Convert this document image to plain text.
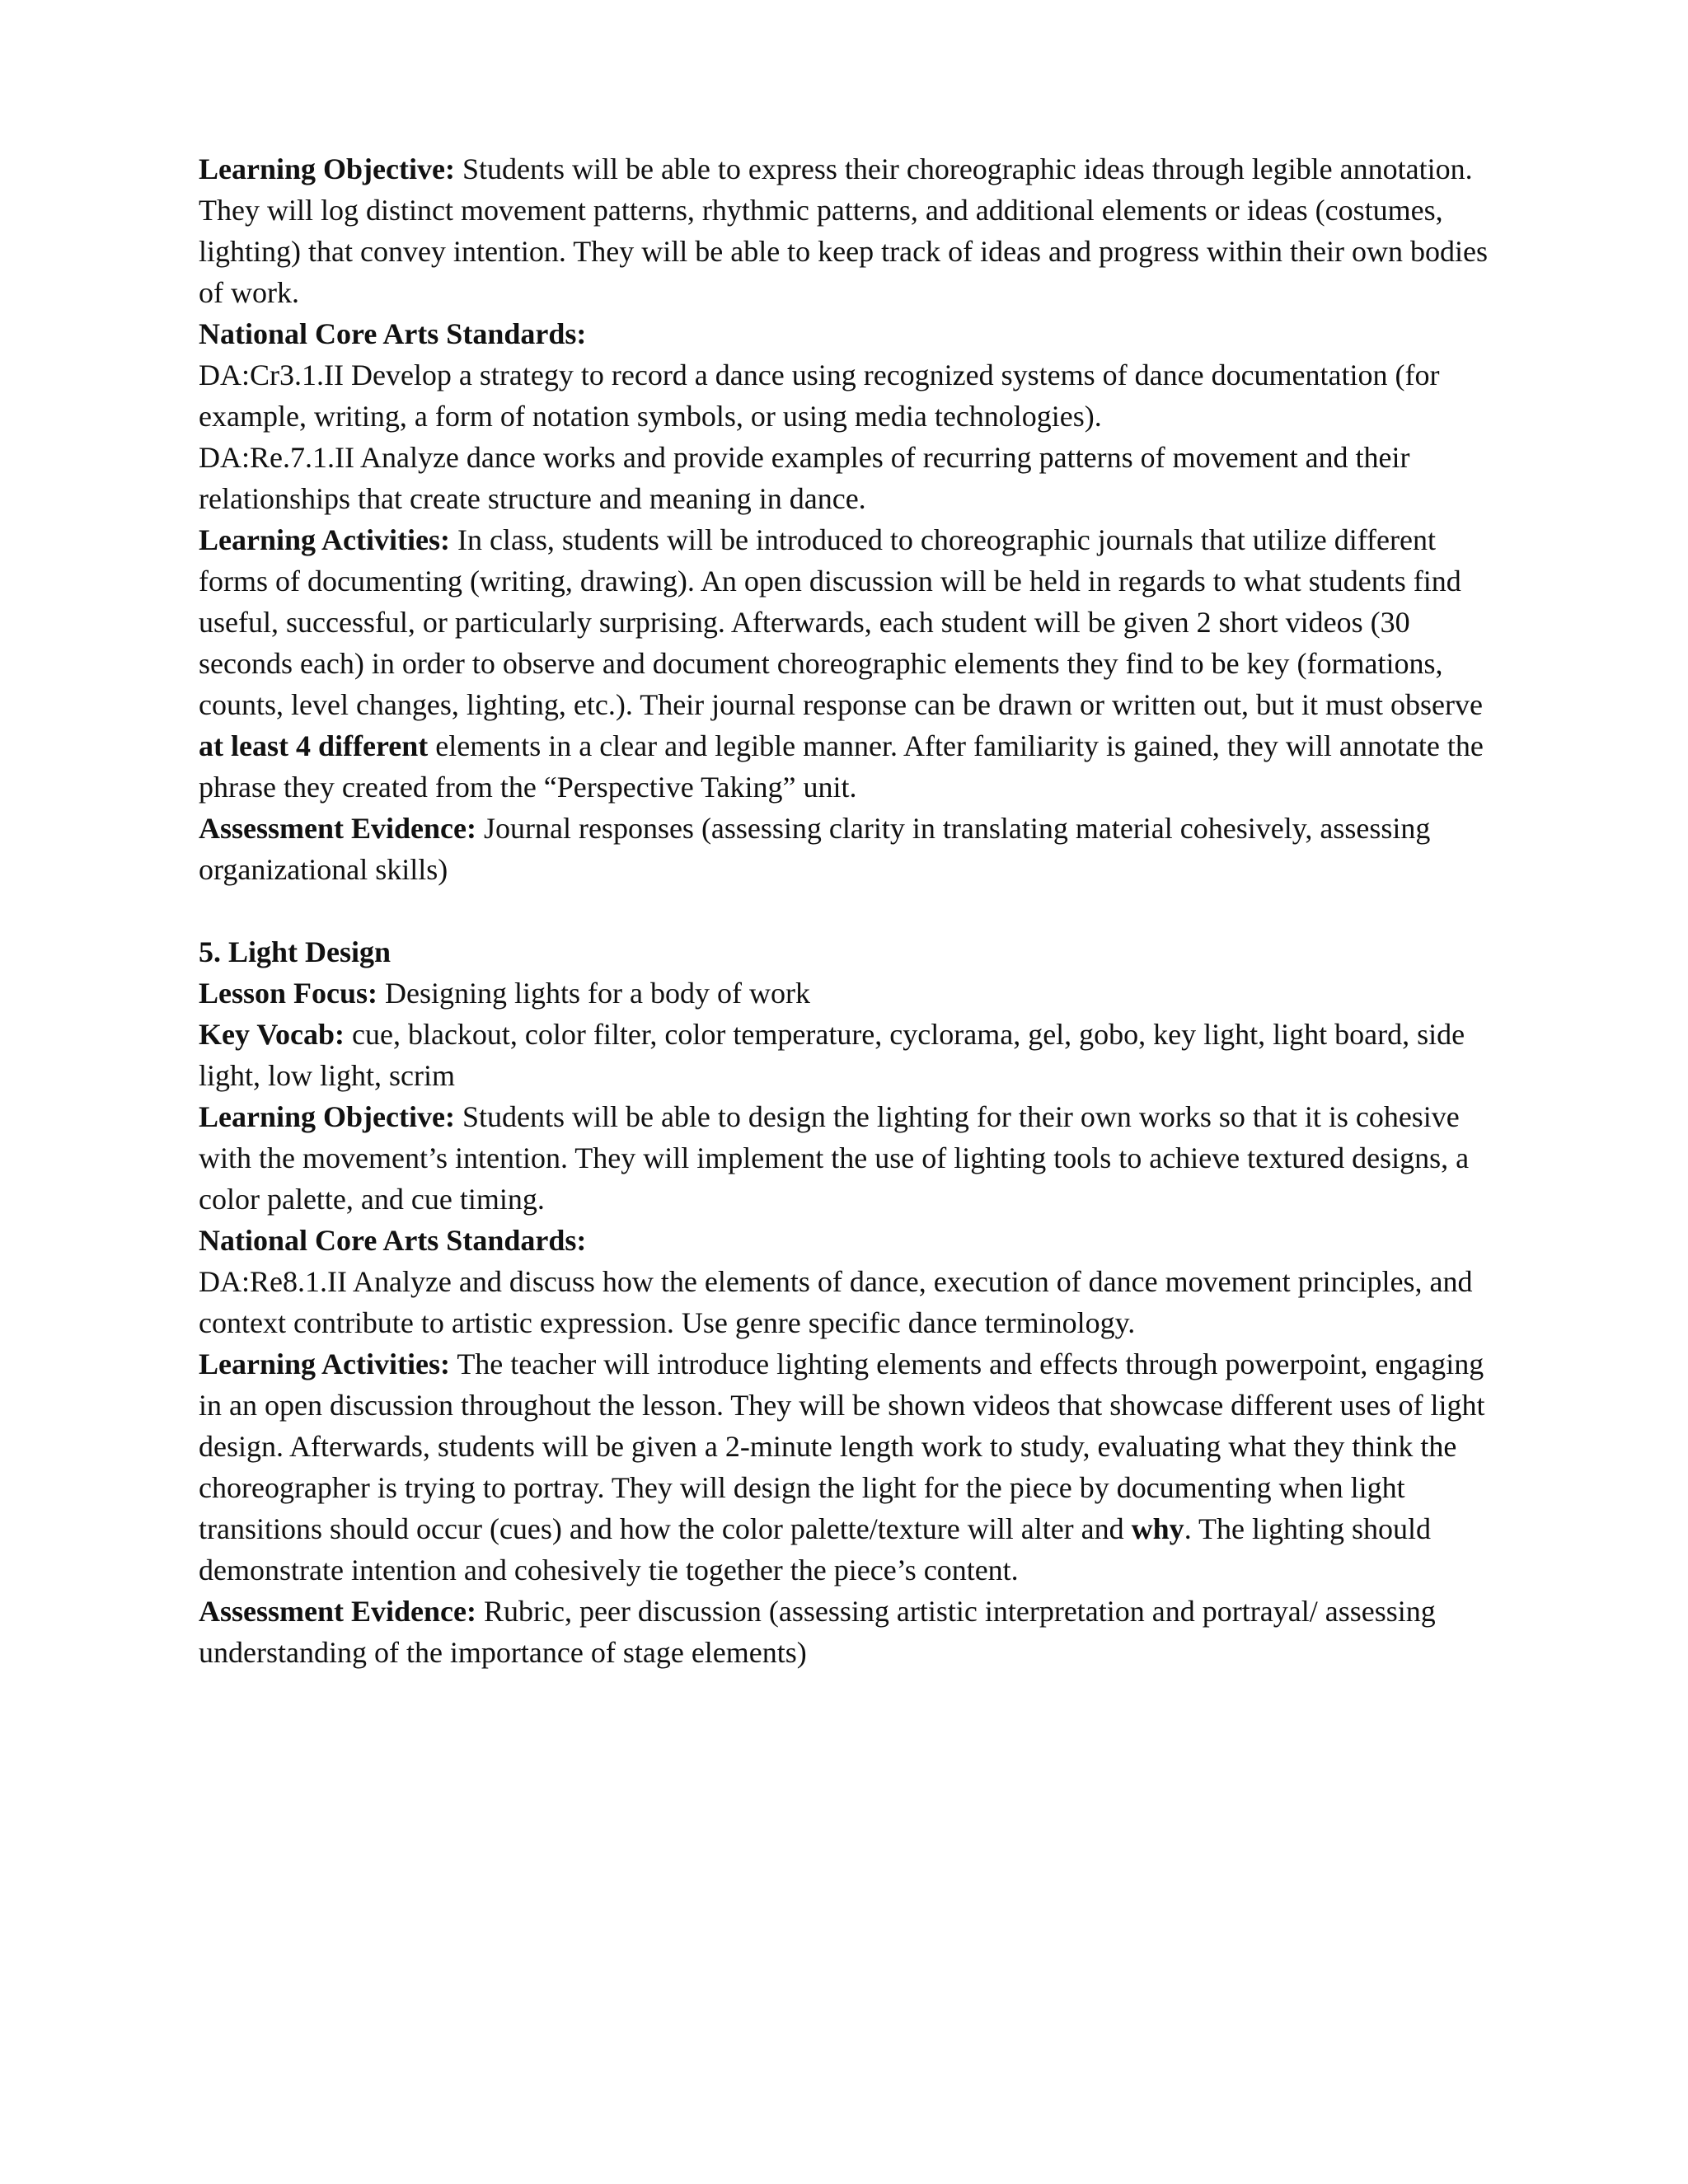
Learning Objective: Students will be able to express their choreographic ideas through legible annotation. They will log distinct movement patterns, rhythmic patterns, and additional elements or ideas (costumes, lighting) that convey intention. They will be able to keep track of ideas and progress within their own bodies of work.

National Core Arts Standards:

DA:Cr3.1.II Develop a strategy to record a dance using recognized systems of dance documentation (for example, writing, a form of notation symbols, or using media technologies).

DA:Re.7.1.II Analyze dance works and provide examples of recurring patterns of movement and their relationships that create structure and meaning in dance.

Learning Activities: In class, students will be introduced to choreographic journals that utilize different forms of documenting (writing, drawing). An open discussion will be held in regards to what students find useful, successful, or particularly surprising. Afterwards, each student will be given 2 short videos (30 seconds each) in order to observe and document choreographic elements they find to be key (formations, counts, level changes, lighting, etc.). Their journal response can be drawn or written out, but it must observe at least 4 different elements in a clear and legible manner. After familiarity is gained, they will annotate the phrase they created from the “Perspective Taking” unit.

Assessment Evidence: Journal responses (assessing clarity in translating material cohesively, assessing organizational skills)

5. Light Design

Lesson Focus: Designing lights for a body of work

Key Vocab: cue, blackout, color filter, color temperature, cyclorama, gel, gobo, key light, light board, side light, low light, scrim

Learning Objective: Students will be able to design the lighting for their own works so that it is cohesive with the movement’s intention. They will implement the use of lighting tools to achieve textured designs, a color palette, and cue timing.

National Core Arts Standards:

DA:Re8.1.II Analyze and discuss how the elements of dance, execution of dance movement principles, and context contribute to artistic expression. Use genre specific dance terminology.

Learning Activities: The teacher will introduce lighting elements and effects through powerpoint, engaging in an open discussion throughout the lesson. They will be shown videos that showcase different uses of light design. Afterwards, students will be given a 2-minute length work to study, evaluating what they think the choreographer is trying to portray. They will design the light for the piece by documenting when light transitions should occur (cues) and how the color palette/texture will alter and why. The lighting should demonstrate intention and cohesively tie together the piece’s content.

Assessment Evidence: Rubric, peer discussion (assessing artistic interpretation and portrayal/ assessing understanding of the importance of stage elements)
